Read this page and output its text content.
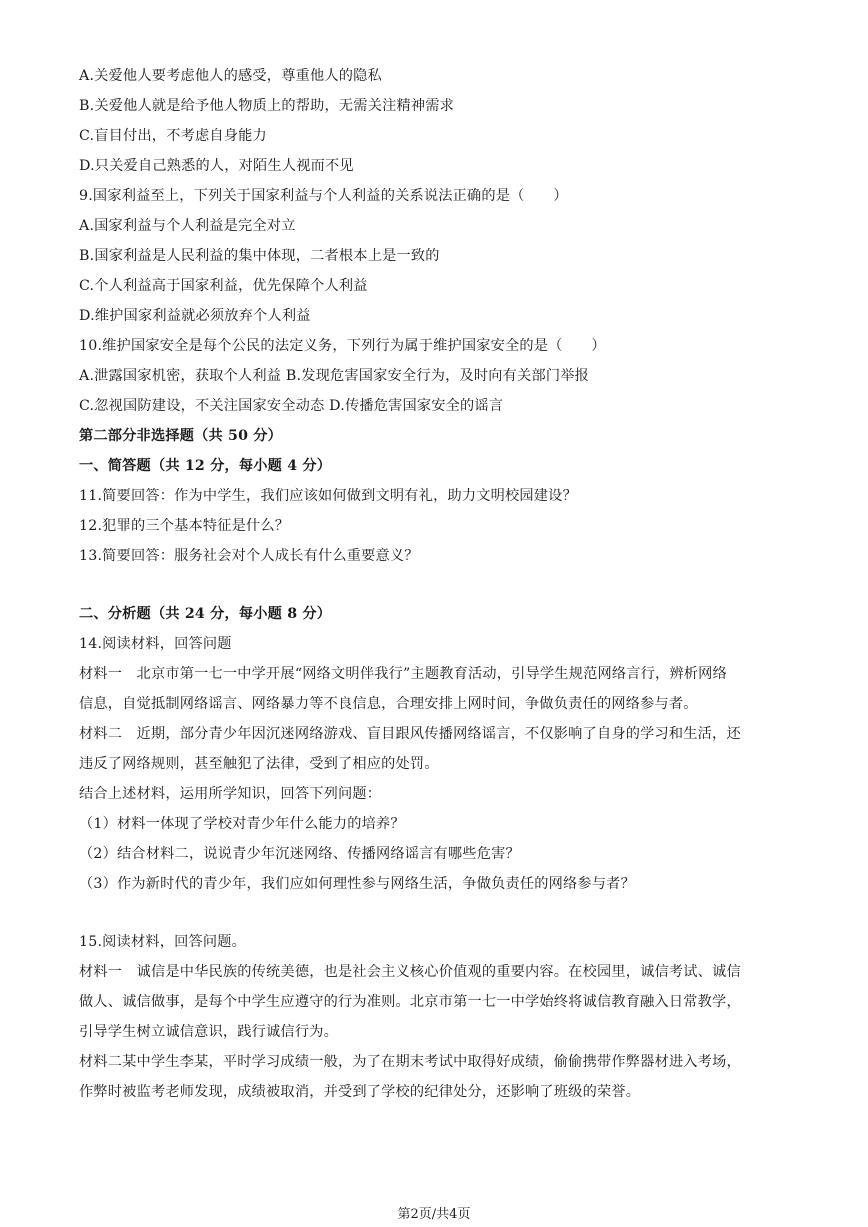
A.关爱他人要考虑他人的感受，尊重他人的隐私
B.关爱他人就是给予他人物质上的帮助，无需关注精神需求
C.盲目付出，不考虑自身能力
D.只关爱自己熟悉的人，对陌生人视而不见
9.国家利益至上，下列关于国家利益与个人利益的关系说法正确的是（　　）
A.国家利益与个人利益是完全对立
B.国家利益是人民利益的集中体现，二者根本上是一致的
C.个人利益高于国家利益，优先保障个人利益
D.维护国家利益就必须放弃个人利益
10.维护国家安全是每个公民的法定义务，下列行为属于维护国家安全的是（　　）
A.泄露国家机密，获取个人利益 B.发现危害国家安全行为，及时向有关部门举报
C.忽视国防建设，不关注国家安全动态 D.传播危害国家安全的谣言
第二部分非选择题（共 50 分）
一、简答题（共 12 分，每小题 4 分）
11.简要回答：作为中学生，我们应该如何做到文明有礼，助力文明校园建设？
12.犯罪的三个基本特征是什么？
13.简要回答：服务社会对个人成长有什么重要意义？
二、分析题（共 24 分，每小题 8 分）
14.阅读材料，回答问题
材料一　北京市第一七一中学开展“网络文明伴我行”主题教育活动，引导学生规范网络言行，辨析网络
信息，自觉抵制网络谣言、网络暴力等不良信息，合理安排上网时间，争做负责任的网络参与者。
材料二　近期，部分青少年因沉迷网络游戏、盲目跟风传播网络谣言，不仅影响了自身的学习和生活，还
违反了网络规则，甚至触犯了法律，受到了相应的处罚。
结合上述材料，运用所学知识，回答下列问题：
（1）材料一体现了学校对青少年什么能力的培养？
（2）结合材料二，说说青少年沉迷网络、传播网络谣言有哪些危害？
（3）作为新时代的青少年，我们应如何理性参与网络生活，争做负责任的网络参与者？
15.阅读材料，回答问题。
材料一　诚信是中华民族的传统美德，也是社会主义核心价值观的重要内容。在校园里，诚信考试、诚信
做人、诚信做事，是每个中学生应遵守的行为准则。北京市第一七一中学始终将诚信教育融入日常教学，
引导学生树立诚信意识，践行诚信行为。
材料二某中学生李某，平时学习成绩一般，为了在期末考试中取得好成绩，偷偷携带作弊器材进入考场，
作弊时被监考老师发现，成绩被取消，并受到了学校的纪律处分，还影响了班级的荣誉。
第2页/共4页
